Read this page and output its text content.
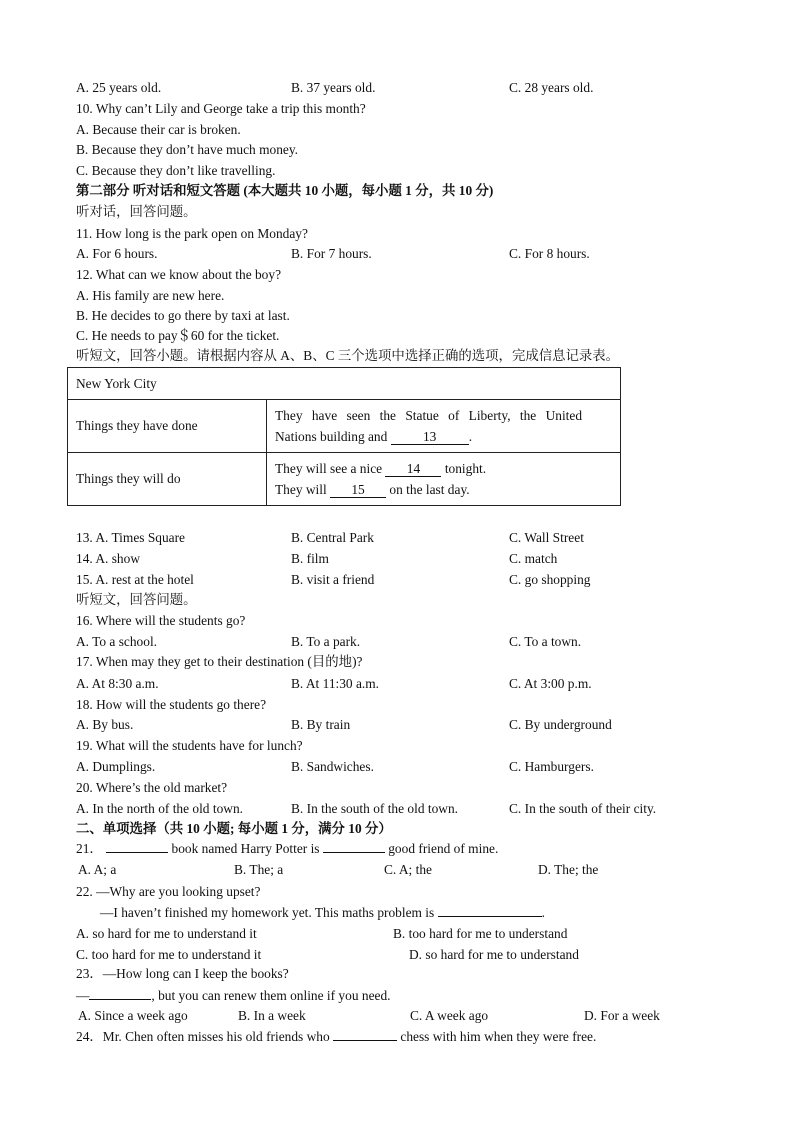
A. 25 years old.	B. 37 years old.	C. 28 years old.
10. Why can’t Lily and George take a trip this month?
A. Because their car is broken.
B. Because they don’t have much money.
C. Because they don’t like travelling.
第二部分 听对话和短文答题 (本大题共 10 小题，每小题 1 分，共 10 分)
听对话，回答问题。
11. How long is the park open on Monday?
A. For 6 hours.	B. For 7 hours.	C. For 8 hours.
12. What can we know about the boy?
A. His family are new here.
B. He decides to go there by taxi at last.
C. He needs to pay＄60 for the ticket.
听短文，回答小题。请根据内容从 A、B、C 三个选项中选择正确的选项，完成信息记录表。
New York City	
Things they have done	They have seen the Statue of Liberty, the United
Nations building and 13 .

Things they will do	They will see a nice 14 tonight.
They will 15 on the last day.
13. A. Times Square	B. Central Park	C. Wall Street
14. A. show	B. film	C. match
15. A. rest at the hotel	B. visit a friend	C. go shopping
听短文，回答问题。
16. Where will the students go?
A. To a school.	B. To a park.	C. To a town.
17. When may they get to their destination (目的地)?
A. At 8:30 a.m.	B. At 11:30 a.m.	C. At 3:00 p.m.
18. How will the students go there?
A. By bus.	B. By train	C. By underground
19. What will the students have for lunch?
A. Dumplings.	B. Sandwiches.	C. Hamburgers.
20. Where’s the old market?
A. In the north of the old town.	B. In the south of the old town.	C. In the south of their city.
二、单项选择（共 10 小题; 每小题 1 分，满分 10 分）
21．	book named Harry Potter is	good friend of mine.
A. A; a	B. The; a	C. A; the	D. The; the
22. —Why are you looking upset?
—I haven’t finished my homework yet. This maths problem is	.
A. so hard for me to understand it	B. too hard for me to understand
C. too hard for me to understand it	D. so hard for me to understand
23．—How long can I keep the books?
—	, but you can renew them online if you need.
A. Since a week ago	B. In a week	C. A week ago	D. For a week
24．Mr. Chen often misses his old friends who	chess with him when they were free.
